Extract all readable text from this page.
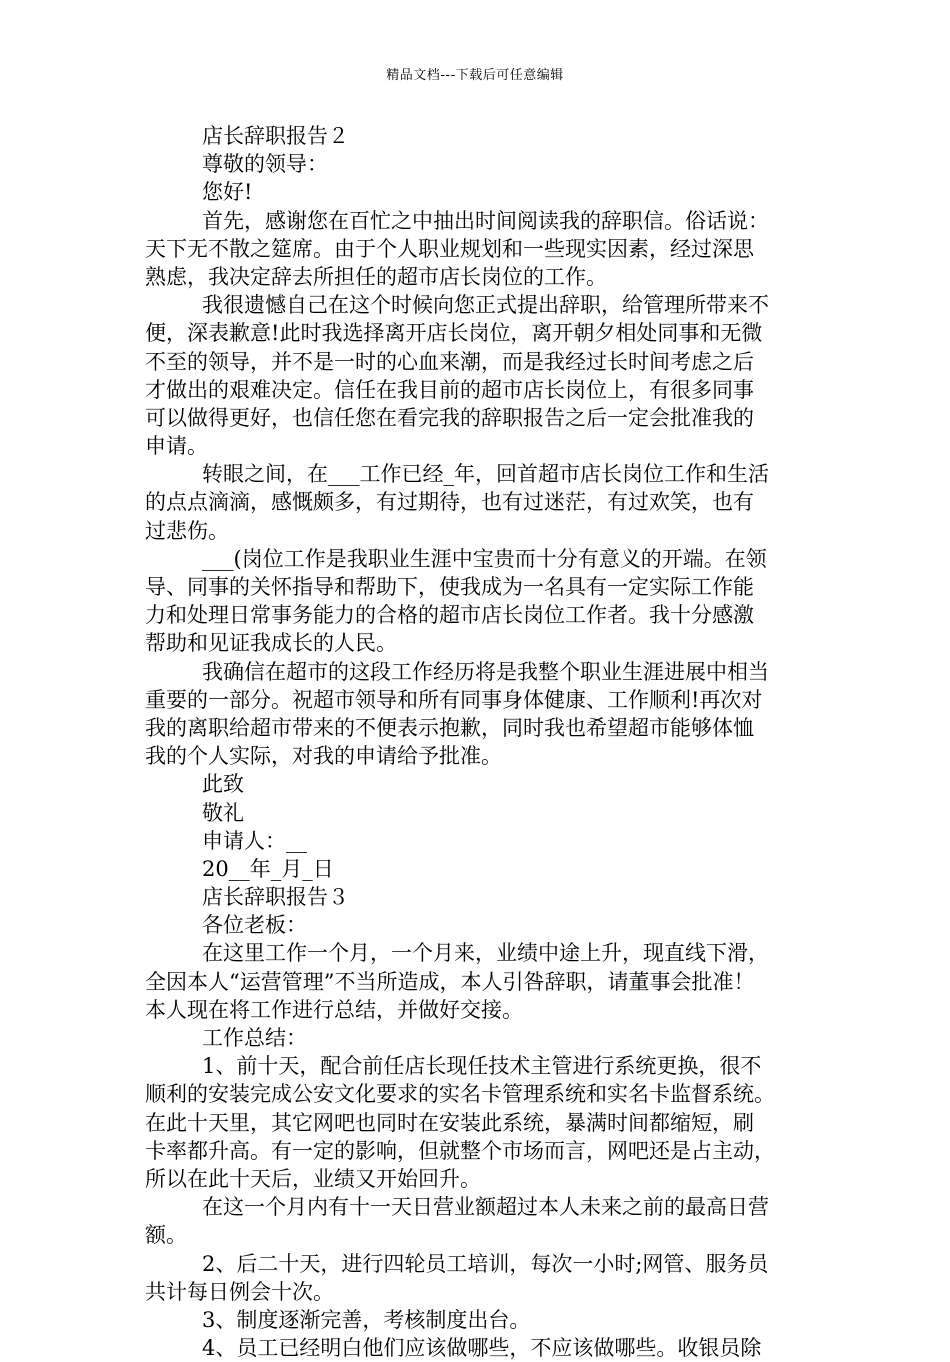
精品文档---下载后可任意编辑
店长辞职报告２
尊敬的领导：
您好!
首先，感谢您在百忙之中抽出时间阅读我的辞职信。俗话说：
天下无不散之筵席。由于个人职业规划和一些现实因素，经过深思
熟虑，我决定辞去所担任的超市店长岗位的工作。
我很遗憾自己在这个时候向您正式提出辞职，给管理所带来不
便，深表歉意!此时我选择离开店长岗位，离开朝夕相处同事和无微
不至的领导，并不是一时的心血来潮，而是我经过长时间考虑之后
才做出的艰难决定。信任在我目前的超市店长岗位上，有很多同事
可以做得更好，也信任您在看完我的辞职报告之后一定会批准我的
申请。
转眼之间，在___工作已经_年，回首超市店长岗位工作和生活
的点点滴滴，感慨颇多，有过期待，也有过迷茫，有过欢笑，也有
过悲伤。
___(岗位工作是我职业生涯中宝贵而十分有意义的开端。在领
导、同事的关怀指导和帮助下，使我成为一名具有一定实际工作能
力和处理日常事务能力的合格的超市店长岗位工作者。我十分感激
帮助和见证我成长的人民。
我确信在超市的这段工作经历将是我整个职业生涯进展中相当
重要的一部分。祝超市领导和所有同事身体健康、工作顺利!再次对
我的离职给超市带来的不便表示抱歉，同时我也希望超市能够体恤
我的个人实际，对我的申请给予批准。
此致
敬礼
申请人：__
20__年_月_日
店长辞职报告３
各位老板：
在这里工作一个月，一个月来，业绩中途上升，现直线下滑，
全因本人“运营管理”不当所造成，本人引咎辞职，请董事会批准！
本人现在将工作进行总结，并做好交接。
工作总结：
1、前十天，配合前任店长现任技术主管进行系统更换，很不
顺利的安装完成公安文化要求的实名卡管理系统和实名卡监督系统。
在此十天里，其它网吧也同时在安装此系统，暴满时间都缩短，刷
卡率都升高。有一定的影响，但就整个市场而言，网吧还是占主动，
所以在此十天后，业绩又开始回升。
在这一个月内有十一天日营业额超过本人未来之前的最高日营
额。
2、后二十天，进行四轮员工培训，每次一小时;网管、服务员
共计每日例会十次。
3、制度逐渐完善，考核制度出台。
4、员工已经明白他们应该做哪些，不应该做哪些。收银员除
